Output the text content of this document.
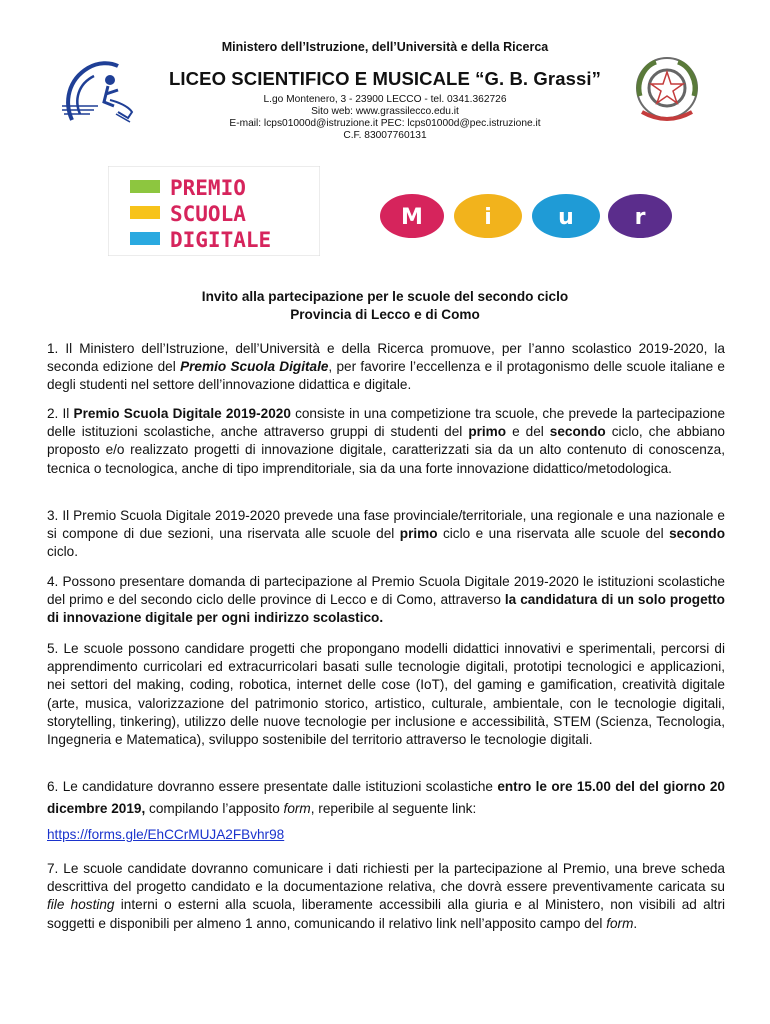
Ministero dell’Istruzione, dell’Università e della Ricerca
LICEO SCIENTIFICO E MUSICALE “G. B. Grassi”
L.go Montenero, 3 - 23900 LECCO - tel. 0341.362726
Sito web: www.grassilecco.edu.it
E-mail: lcps01000d@istruzione.it PEC: lcps01000d@pec.istruzione.it
C.F. 83007760131
PREMIO
SCUOLA
DIGITALE
M	i	u	r
Invito alla partecipazione per le scuole del secondo ciclo
Provincia di Lecco e di Como

1. Il Ministero dell’Istruzione, dell’Università e della Ricerca promuove, per l’anno scolastico 2019-2020, la seconda edizione del Premio Scuola Digitale, per favorire l’eccellenza e il protagonismo delle scuole italiane e degli studenti nel settore dell’innovazione didattica e digitale.

2. Il Premio Scuola Digitale 2019-2020 consiste in una competizione tra scuole, che prevede la partecipazione delle istituzioni scolastiche, anche attraverso gruppi di studenti del primo e del secondo ciclo, che abbiano proposto e/o realizzato progetti di innovazione digitale, caratterizzati sia da un alto contenuto di conoscenza, tecnica o tecnologica, anche di tipo imprenditoriale, sia da una forte innovazione didattico/metodologica.

3. Il Premio Scuola Digitale 2019-2020 prevede una fase provinciale/territoriale, una regionale e una nazionale e si compone di due sezioni, una riservata alle scuole del primo ciclo e una riservata alle scuole del secondo ciclo.

4. Possono presentare domanda di partecipazione al Premio Scuola Digitale 2019-2020 le istituzioni scolastiche del primo e del secondo ciclo delle province di Lecco e di Como, attraverso la candidatura di un solo progetto di innovazione digitale per ogni indirizzo scolastico.

5. Le scuole possono candidare progetti che propongano modelli didattici innovativi e sperimentali, percorsi di apprendimento curricolari ed extracurricolari basati sulle tecnologie digitali, prototipi tecnologici e applicazioni, nei settori del making, coding, robotica, internet delle cose (IoT), del gaming e gamification, creatività digitale (arte, musica, valorizzazione del patrimonio storico, artistico, culturale, ambientale, con le tecnologie digitali, storytelling, tinkering), utilizzo delle nuove tecnologie per inclusione e accessibilità, STEM (Scienza, Tecnologia, Ingegneria e Matematica), sviluppo sostenibile del territorio attraverso le tecnologie digitali.

6. Le candidature dovranno essere presentate dalle istituzioni scolastiche entro le ore 15.00 del del giorno 20 dicembre 2019, compilando l’apposito form, reperibile al seguente link:

https://forms.gle/EhCCrMUJA2FBvhr98

7. Le scuole candidate dovranno comunicare i dati richiesti per la partecipazione al Premio, una breve scheda descrittiva del progetto candidato e la documentazione relativa, che dovrà essere preventivamente caricata su file hosting interni o esterni alla scuola, liberamente accessibili alla giuria e al Ministero, non visibili ad altri soggetti e disponibili per almeno 1 anno, comunicando il relativo link nell’apposito campo del form.
